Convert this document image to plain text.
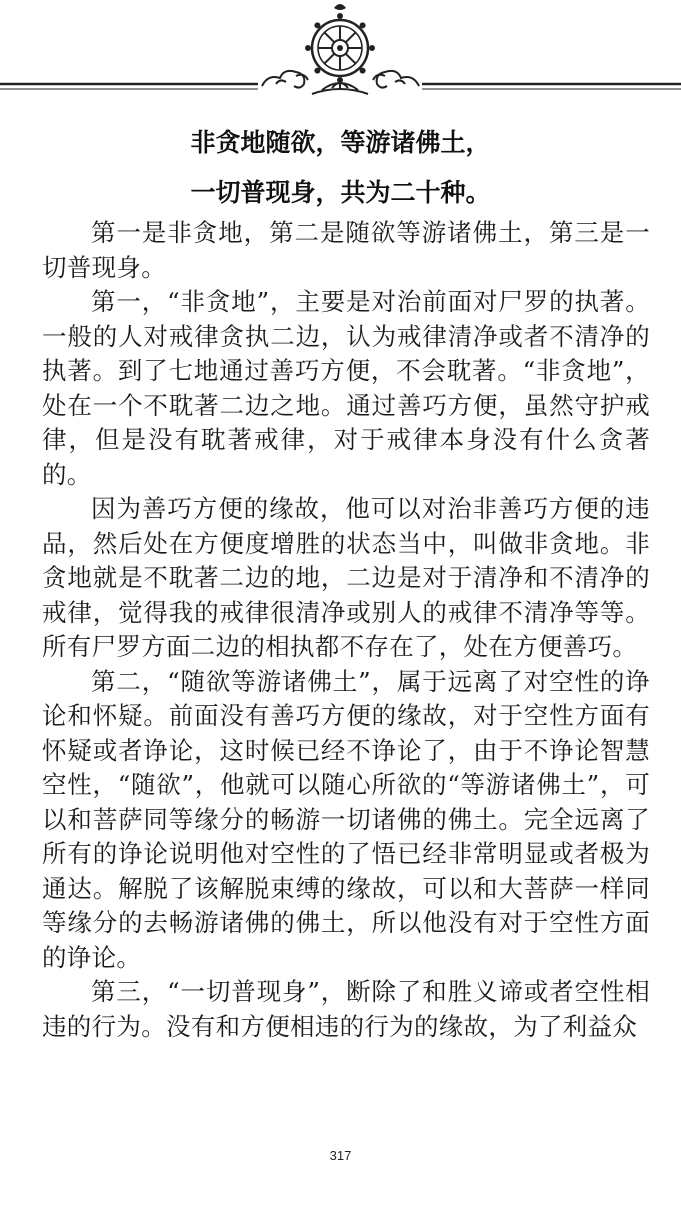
非贪地随欲，等游诸佛土，
一切普现身，共为二十种。

第一是非贪地，第二是随欲等游诸佛土，第三是一切普现身。

第一，“非贪地”，主要是对治前面对尸罗的执著。一般的人对戒律贪执二边，认为戒律清净或者不清净的执著。到了七地通过善巧方便，不会耽著。“非贪地”，处在一个不耽著二边之地。通过善巧方便，虽然守护戒律，但是没有耽著戒律，对于戒律本身没有什么贪著的。

因为善巧方便的缘故，他可以对治非善巧方便的违品，然后处在方便度增胜的状态当中，叫做非贪地。非贪地就是不耽著二边的地，二边是对于清净和不清净的戒律，觉得我的戒律很清净或别人的戒律不清净等等。所有尸罗方面二边的相执都不存在了，处在方便善巧。

第二，“随欲等游诸佛土”，属于远离了对空性的诤论和怀疑。前面没有善巧方便的缘故，对于空性方面有怀疑或者诤论，这时候已经不诤论了，由于不诤论智慧空性，“随欲”，他就可以随心所欲的“等游诸佛土”，可以和菩萨同等缘分的畅游一切诸佛的佛土。完全远离了所有的诤论说明他对空性的了悟已经非常明显或者极为通达。解脱了该解脱束缚的缘故，可以和大菩萨一样同等缘分的去畅游诸佛的佛土，所以他没有对于空性方面的诤论。

第三，“一切普现身”，断除了和胜义谛或者空性相违的行为。没有和方便相违的行为的缘故，为了利益众

317
